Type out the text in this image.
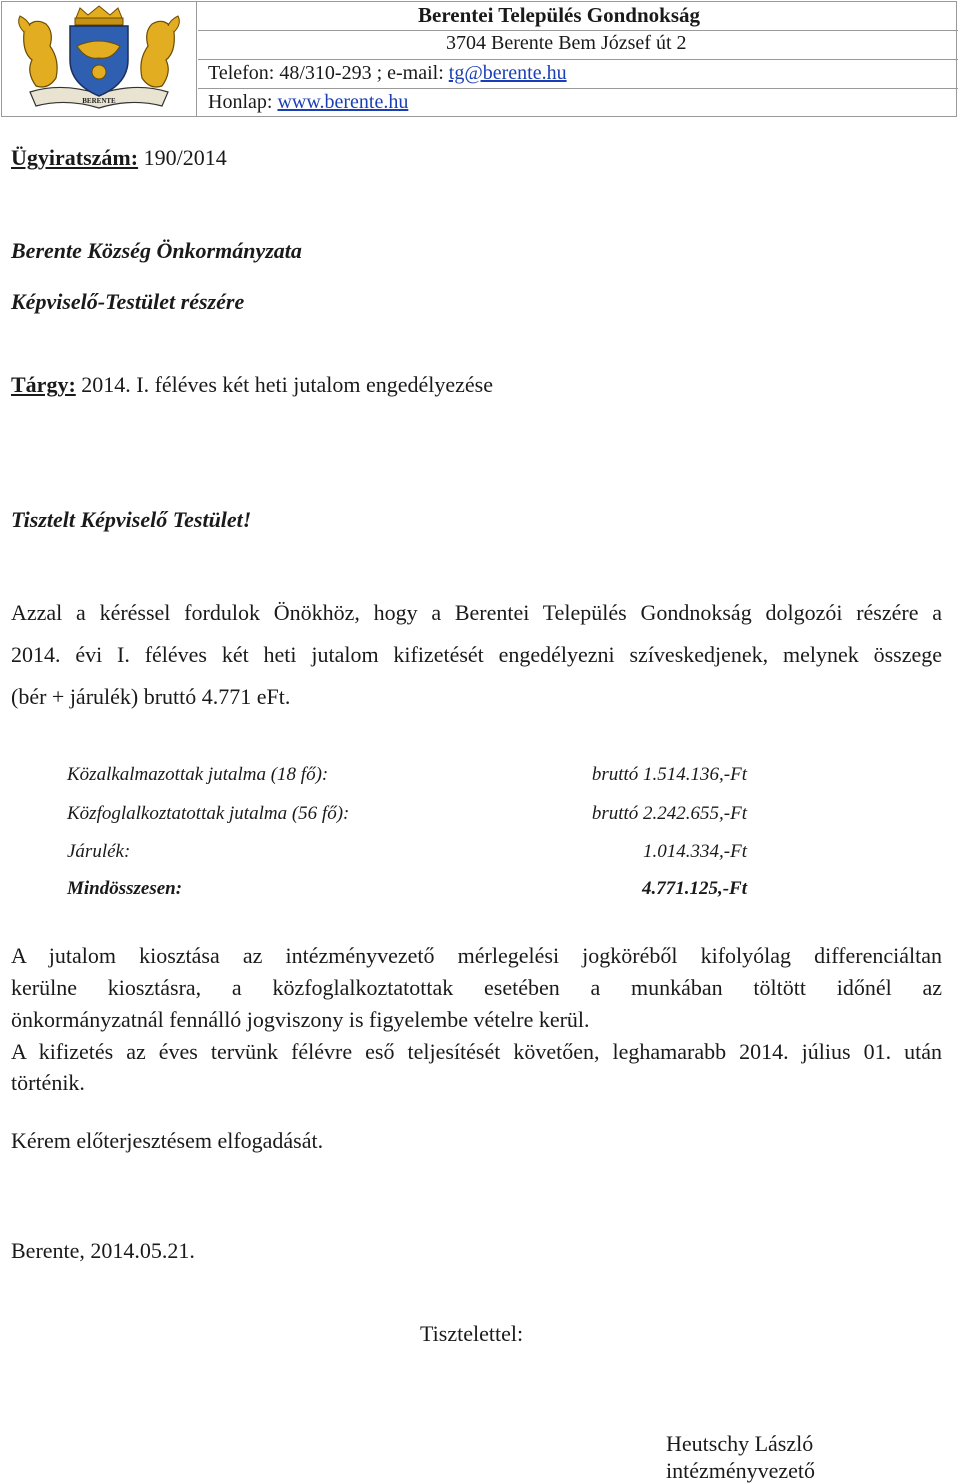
BERENTE
Berentei Település Gondnokság
3704 Berente Bem József út 2
Telefon: 48/310-293 ; e-mail: tg@berente.hu
Honlap: www.berente.hu
Ügyiratszám: 190/2014
Berente Község Önkormányzata
Képviselő-Testület részére
Tárgy: 2014. I. féléves két heti jutalom engedélyezése
Tisztelt Képviselő Testület!
Azzal a kéréssel fordulok Önökhöz, hogy a Berentei Település Gondnokság dolgozói részére a
2014. évi I. féléves két heti jutalom kifizetését engedélyezni szíveskedjenek, melynek összege
(bér + járulék) bruttó 4.771 eFt.
Közalkalmazottak jutalma (18 fő):	bruttó 1.514.136,-Ft
Közfoglalkoztatottak jutalma (56 fő):	bruttó 2.242.655,-Ft
Járulék:	1.014.334,-Ft
Mindösszesen:	4.771.125,-Ft
A jutalom kiosztása az intézményvezető mérlegelési jogköréből kifolyólag differenciáltan
kerülne kiosztásra, a közfoglalkoztatottak esetében a munkában töltött időnél az
önkormányzatnál fennálló jogviszony is figyelembe vételre kerül.
A kifizetés az éves tervünk félévre eső teljesítését követően, leghamarabb 2014. július 01. után
történik.
Kérem előterjesztésem elfogadását.
Berente, 2014.05.21.
Tisztelettel:
Heutschy László
intézményvezető
